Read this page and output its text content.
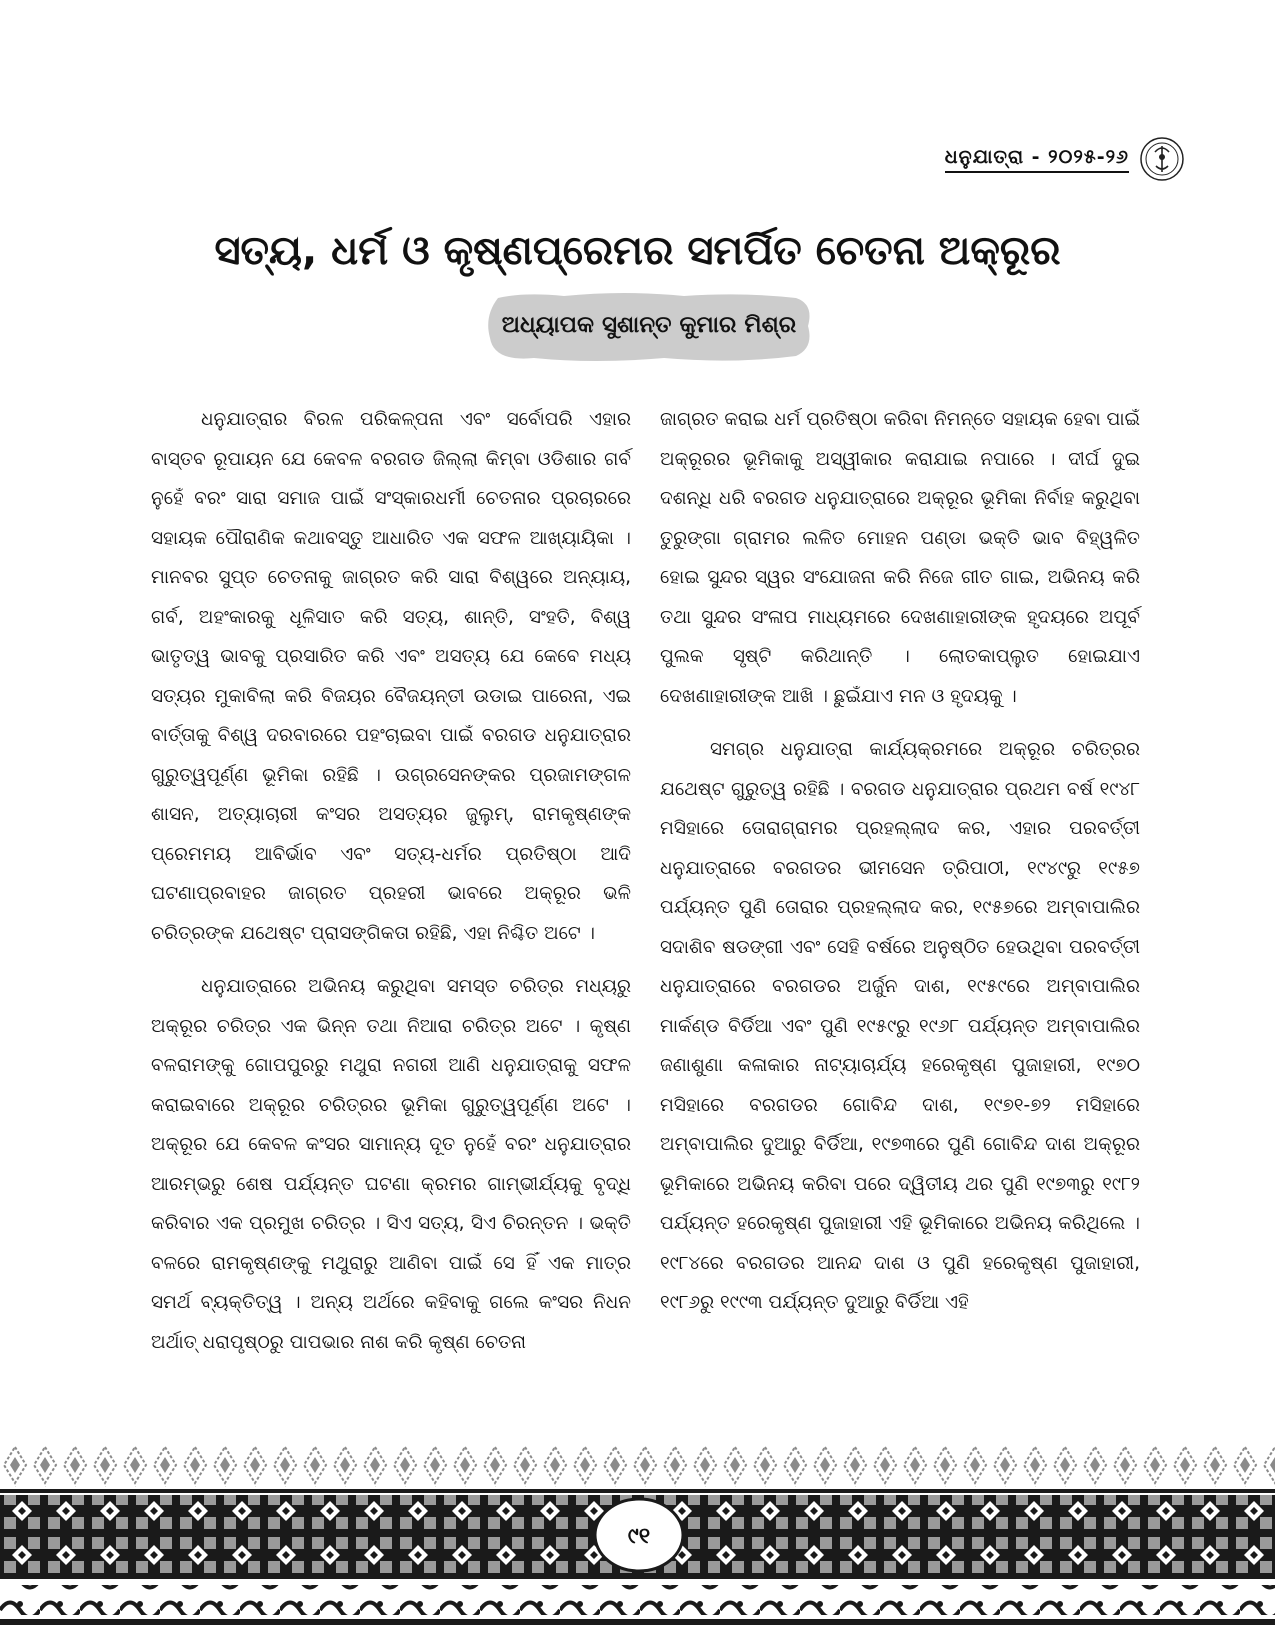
ଧନୁଯାତ୍ରା - ୨୦୨୫-୨୬
ସତ୍ୟ, ଧର୍ମ ଓ କୃଷ୍ଣପ୍ରେମର ସମର୍ପିତ ଚେତନା ଅକ୍ରୂର
ଅଧ୍ୟାପକ ସୁଶାନ୍ତ କୁମାର ମିଶ୍ର

ଧନୁଯାତ୍ରାର ବିରଳ ପରିକଳ୍ପନା ଏବଂ ସର୍ବୋପରି ଏହାର ବାସ୍ତବ ରୂପାୟନ ଯେ କେବଳ ବରଗଡ ଜିଲ୍ଲା କିମ୍ବା ଓଡିଶାର ଗର୍ବ ନୁହେଁ ବରଂ ସାରା ସମାଜ ପାଇଁ ସଂସ୍କାରଧର୍ମୀ ଚେତନାର ପ୍ରଚାରରେ ସହାୟକ ପୌରାଣିକ କଥାବସ୍ତୁ ଆଧାରିତ ଏକ ସଫଳ ଆଖ୍ୟାୟିକା । ମାନବର ସୁପ୍ତ ଚେତନାକୁ ଜାଗ୍ରତ କରି ସାରା ବିଶ୍ୱରେ ଅନ୍ୟାୟ, ଗର୍ବ, ଅହଂକାରକୁ ଧୂଳିସାତ କରି ସତ୍ୟ, ଶାନ୍ତି, ସଂହତି, ବିଶ୍ୱ ଭାତୃତ୍ୱ ଭାବକୁ ପ୍ରସାରିତ କରି ଏବଂ ଅସତ୍ୟ ଯେ କେବେ ମଧ୍ୟ ସତ୍ୟର ମୁକାବିଲା କରି ବିଜୟର ବୈଜୟନ୍ତୀ ଉଡାଇ ପାରେନା, ଏଇ ବାର୍ତ୍ତାକୁ ବିଶ୍ୱ ଦରବାରରେ ପହଂଚାଇବା ପାଇଁ ବରଗଡ ଧନୁଯାତ୍ରାର ଗୁରୁତ୍ୱପୂର୍ଣ୍ଣ ଭୂମିକା ରହିଛି । ଉଗ୍ରସେନଙ୍କର ପ୍ରଜାମଙ୍ଗଳ ଶାସନ, ଅତ୍ୟାଚାରୀ କଂସର ଅସତ୍ୟର ଜୁଲୁମ୍, ରାମକୃଷ୍ଣଙ୍କ ପ୍ରେମମୟ ଆବିର୍ଭାବ ଏବଂ ସତ୍ୟ-ଧର୍ମର ପ୍ରତିଷ୍ଠା ଆଦି ଘଟଣାପ୍ରବାହର ଜାଗ୍ରତ ପ୍ରହରୀ ଭାବରେ ଅକ୍ରୂର ଭଳି ଚରିତ୍ରଙ୍କ ଯଥେଷ୍ଟ ପ୍ରାସଙ୍ଗିକତା ରହିଛି, ଏହା ନିଶ୍ଚିତ ଅଟେ ।

ଧନୁଯାତ୍ରାରେ ଅଭିନୟ କରୁଥିବା ସମସ୍ତ ଚରିତ୍ର ମଧ୍ୟରୁ ଅକ୍ରୂର ଚରିତ୍ର ଏକ ଭିନ୍ନ ତଥା ନିଆରା ଚରିତ୍ର ଅଟେ । କୃଷ୍ଣ ବଳରାମଙ୍କୁ ଗୋପପୁରରୁ ମଥୁରା ନଗରୀ ଆଣି ଧନୁଯାତ୍ରାକୁ ସଫଳ କରାଇବାରେ ଅକ୍ରୂର ଚରିତ୍ରର ଭୂମିକା ଗୁରୁତ୍ୱପୂର୍ଣ୍ଣ ଅଟେ । ଅକ୍ରୂର ଯେ କେବଳ କଂସର ସାମାନ୍ୟ ଦୂତ ନୁହେଁ ବରଂ ଧନୁଯାତ୍ରାର ଆରମ୍ଭରୁ ଶେଷ ପର୍ଯ୍ୟନ୍ତ ଘଟଣା କ୍ରମର ଗାମ୍ଭୀର୍ଯ୍ୟକୁ ବୃଦ୍ଧି କରିବାର ଏକ ପ୍ରମୁଖ ଚରିତ୍ର । ସିଏ ସତ୍ୟ, ସିଏ ଚିରନ୍ତନ । ଭକ୍ତି ବଳରେ ରାମକୃଷ୍ଣଙ୍କୁ ମଥୁରାରୁ ଆଣିବା ପାଇଁ ସେ ହିଁ ଏକ ମାତ୍ର ସମର୍ଥ ବ୍ୟକ୍ତିତ୍ୱ । ଅନ୍ୟ ଅର୍ଥରେ କହିବାକୁ ଗଲେ କଂସର ନିଧନ ଅର୍ଥାତ୍ ଧରାପୃଷ୍ଠରୁ ପାପଭାର ନାଶ କରି କୃଷ୍ଣ ଚେତନା

ଜାଗ୍ରତ କରାଇ ଧର୍ମ ପ୍ରତିଷ୍ଠା କରିବା ନିମନ୍ତେ ସହାୟକ ହେବା ପାଇଁ ଅକ୍ରୂରର ଭୂମିକାକୁ ଅସ୍ୱୀକାର କରାଯାଇ ନପାରେ । ଦୀର୍ଘ ଦୁଇ ଦଶନ୍ଧି ଧରି ବରଗଡ ଧନୁଯାତ୍ରାରେ ଅକ୍ରୂର ଭୂମିକା ନିର୍ବାହ କରୁଥିବା ତୁରୁଙ୍ଗା ଗ୍ରାମର ଲଳିତ ମୋହନ ପଣ୍ଡା ଭକ୍ତି ଭାବ ବିହ୍ୱଳିତ ହୋଇ ସୁନ୍ଦର ସ୍ୱର ସଂଯୋଜନା କରି ନିଜେ ଗୀତ ଗାଇ, ଅଭିନୟ କରି ତଥା ସୁନ୍ଦର ସଂଳାପ ମାଧ୍ୟମରେ ଦେଖଣାହାରୀଙ୍କ ହୃଦୟରେ ଅପୂର୍ବ ପୁଲକ ସୃଷ୍ଟି କରିଥାନ୍ତି । ଲୋତକାପ୍ଲୁତ ହୋଇଯାଏ ଦେଖଣାହାରୀଙ୍କ ଆଖି । ଛୁଇଁଯାଏ ମନ ଓ ହୃଦୟକୁ ।

ସମଗ୍ର ଧନୁଯାତ୍ରା କାର୍ଯ୍ୟକ୍ରମରେ ଅକ୍ରୂର ଚରିତ୍ରର ଯଥେଷ୍ଟ ଗୁରୁତ୍ୱ ରହିଛି । ବରଗଡ ଧନୁଯାତ୍ରାର ପ୍ରଥମ ବର୍ଷ ୧୯୪୮ ମସିହାରେ ତୋରାଗ୍ରାମର ପ୍ରହଲ୍ଲାଦ କର, ଏହାର ପରବର୍ତ୍ତୀ ଧନୁଯାତ୍ରାରେ ବରଗଡର ଭୀମସେନ ତ୍ରିପାଠୀ, ୧୯୪୯ରୁ ୧୯୫୭ ପର୍ଯ୍ୟନ୍ତ ପୁଣି ତୋରାର ପ୍ରହଲ୍ଲାଦ କର, ୧୯୫୭ରେ ଅମ୍ବାପାଲିର ସଦାଶିବ ଷଡଙ୍ଗୀ ଏବଂ ସେହି ବର୍ଷରେ ଅନୁଷ୍ଠିତ ହେଉଥିବା ପରବର୍ତ୍ତୀ ଧନୁଯାତ୍ରାରେ ବରଗଡର ଅର୍ଜୁନ ଦାଶ, ୧୯୫୯ରେ ଅମ୍ବାପାଲିର ମାର୍କଣ୍ଡ ବିର୍ଡିଆ ଏବଂ ପୁଣି ୧୯୫୯ରୁ ୧୯୬୮ ପର୍ଯ୍ୟନ୍ତ ଅମ୍ବାପାଲିର ଜଣାଶୁଣା କଳାକାର ନାଟ୍ୟାଚାର୍ଯ୍ୟ ହରେକୃଷ୍ଣ ପୁଜାହାରୀ, ୧୯୭୦ ମସିହାରେ ବରଗଡର ଗୋବିନ୍ଦ ଦାଶ, ୧୯୭୧-୭୨ ମସିହାରେ ଅମ୍ବାପାଲିର ଦୁଆରୁ ବିର୍ଡିଆ, ୧୯୭୩ରେ ପୁଣି ଗୋବିନ୍ଦ ଦାଶ ଅକ୍ରୂର ଭୂମିକାରେ ଅଭିନୟ କରିବା ପରେ ଦ୍ୱିତୀୟ ଥର ପୁଣି ୧୯୭୩ରୁ ୧୯୮୨ ପର୍ଯ୍ୟନ୍ତ ହରେକୃଷ୍ଣ ପୁଜାହାରୀ ଏହି ଭୂମିକାରେ ଅଭିନୟ କରିଥିଲେ । ୧୯୮୪ରେ ବରଗଡର ଆନନ୍ଦ ଦାଶ ଓ ପୁଣି ହରେକୃଷ୍ଣ ପୁଜାହାରୀ, ୧୯୮୬ରୁ ୧୯୯୩ ପର୍ଯ୍ୟନ୍ତ ଦୁଆରୁ ବିର୍ଡିଆ ଏହି

୯୧
